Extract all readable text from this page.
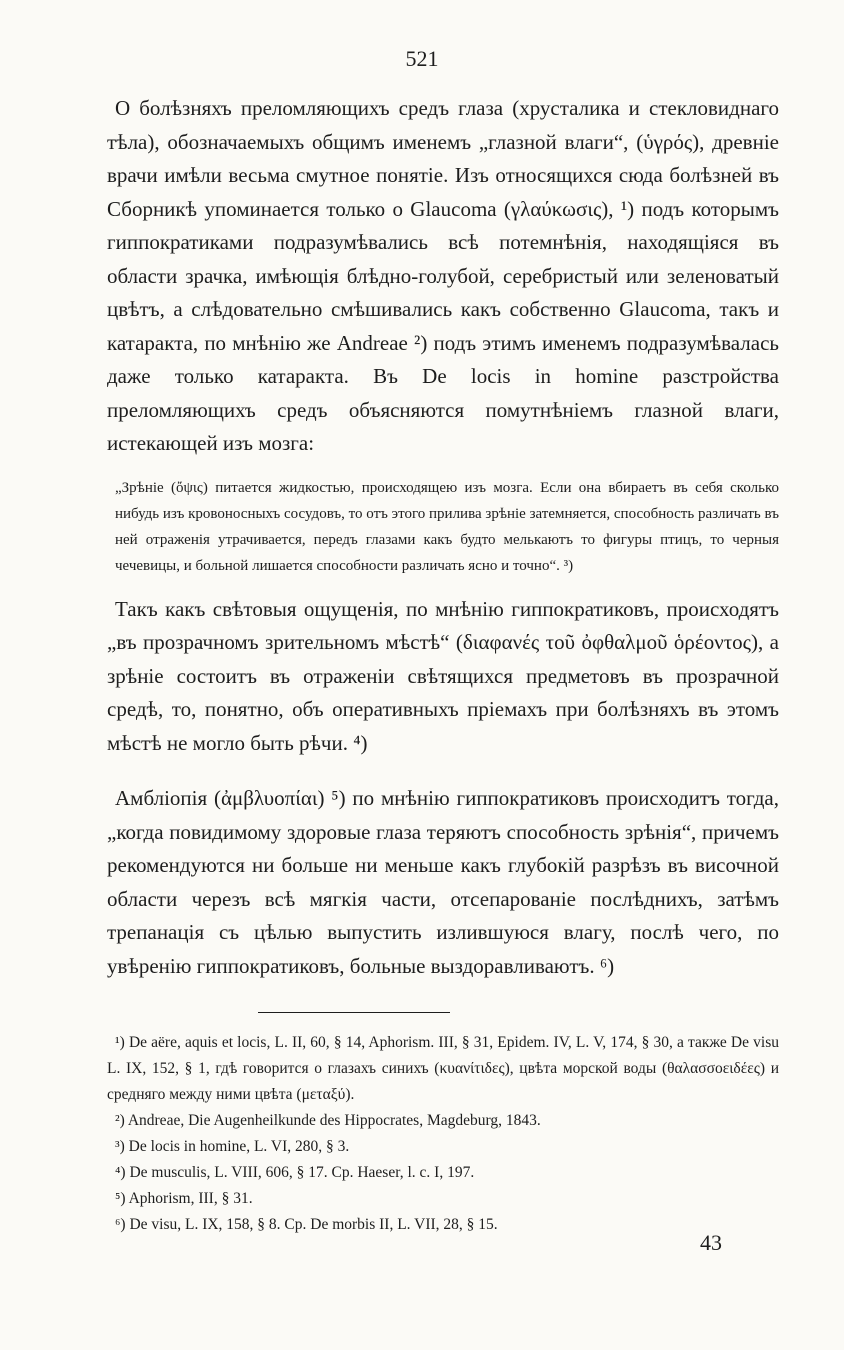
521

О болѣзняхъ преломляющихъ средъ глаза (хрусталика и стекловиднаго тѣла), обозначаемыхъ общимъ именемъ „глазной влаги“, (ὑγρός), древніе врачи имѣли весьма смутное понятіе. Изъ относящихся сюда болѣзней въ Сборникѣ упоминается только о Glaucoma (γλαύκωσις), ¹) подъ которымъ гиппократиками подразумѣвались всѣ потемнѣнія, находящіяся въ области зрачка, имѣющія блѣдно-голубой, серебристый или зеленоватый цвѣтъ, а слѣдовательно смѣшивались какъ собственно Glaucoma, такъ и катаракта, по мнѣнію же Andreae ²) подъ этимъ именемъ подразумѣвалась даже только катаракта. Въ De locis in homine разстройства преломляющихъ средъ объясняются помутнѣніемъ глазной влаги, истекающей изъ мозга:

„Зрѣніе (ὄψις) питается жидкостью, происходящею изъ мозга. Если она вбираетъ въ себя сколько нибудь изъ кровоносныхъ сосудовъ, то отъ этого прилива зрѣніе затемняется, способность различать въ ней отраженія утрачивается, передъ глазами какъ будто мелькаютъ то фигуры птицъ, то черныя чечевицы, и больной лишается способности различать ясно и точно“. ³)

Такъ какъ свѣтовыя ощущенія, по мнѣнію гиппократиковъ, происходятъ „въ прозрачномъ зрительномъ мѣстѣ“ (διαφανές τοῦ ὀφθαλμοῦ ὁρέοντος), а зрѣніе состоитъ въ отраженіи свѣтящихся предметовъ въ прозрачной средѣ, то, понятно, объ оперативныхъ пріемахъ при болѣзняхъ въ этомъ мѣстѣ не могло быть рѣчи. ⁴)

Амбліопія (ἀμβλυοπίαι) ⁵) по мнѣнію гиппократиковъ происходитъ тогда, „когда повидимому здоровые глаза теряютъ способность зрѣнія“, причемъ рекомендуются ни больше ни меньше какъ глубокій разрѣзъ въ височной области черезъ всѣ мягкія части, отсепарованіе послѣднихъ, затѣмъ трепанація съ цѣлью выпустить излившуюся влагу, послѣ чего, по увѣренію гиппократиковъ, больные выздоравливаютъ. ⁶)

¹) De aëre, aquis et locis, L. II, 60, § 14, Aphorism. III, § 31, Epidem. IV, L. V, 174, § 30, а также De visu L. IX, 152, § 1, гдѣ говорится о глазахъ синихъ (κυανίτιδες), цвѣта морской воды (θαλασσοειδέες) и средняго между ними цвѣта (μεταξύ).

²) Andreae, Die Augenheilkunde des Hippocrates, Magdeburg, 1843.

³) De locis in homine, L. VI, 280, § 3.

⁴) De musculis, L. VIII, 606, § 17. Cp. Haeser, l. c. I, 197.

⁵) Aphorism, III, § 31.

⁶) De visu, L. IX, 158, § 8. Cp. De morbis II, L. VII, 28, § 15.

43
